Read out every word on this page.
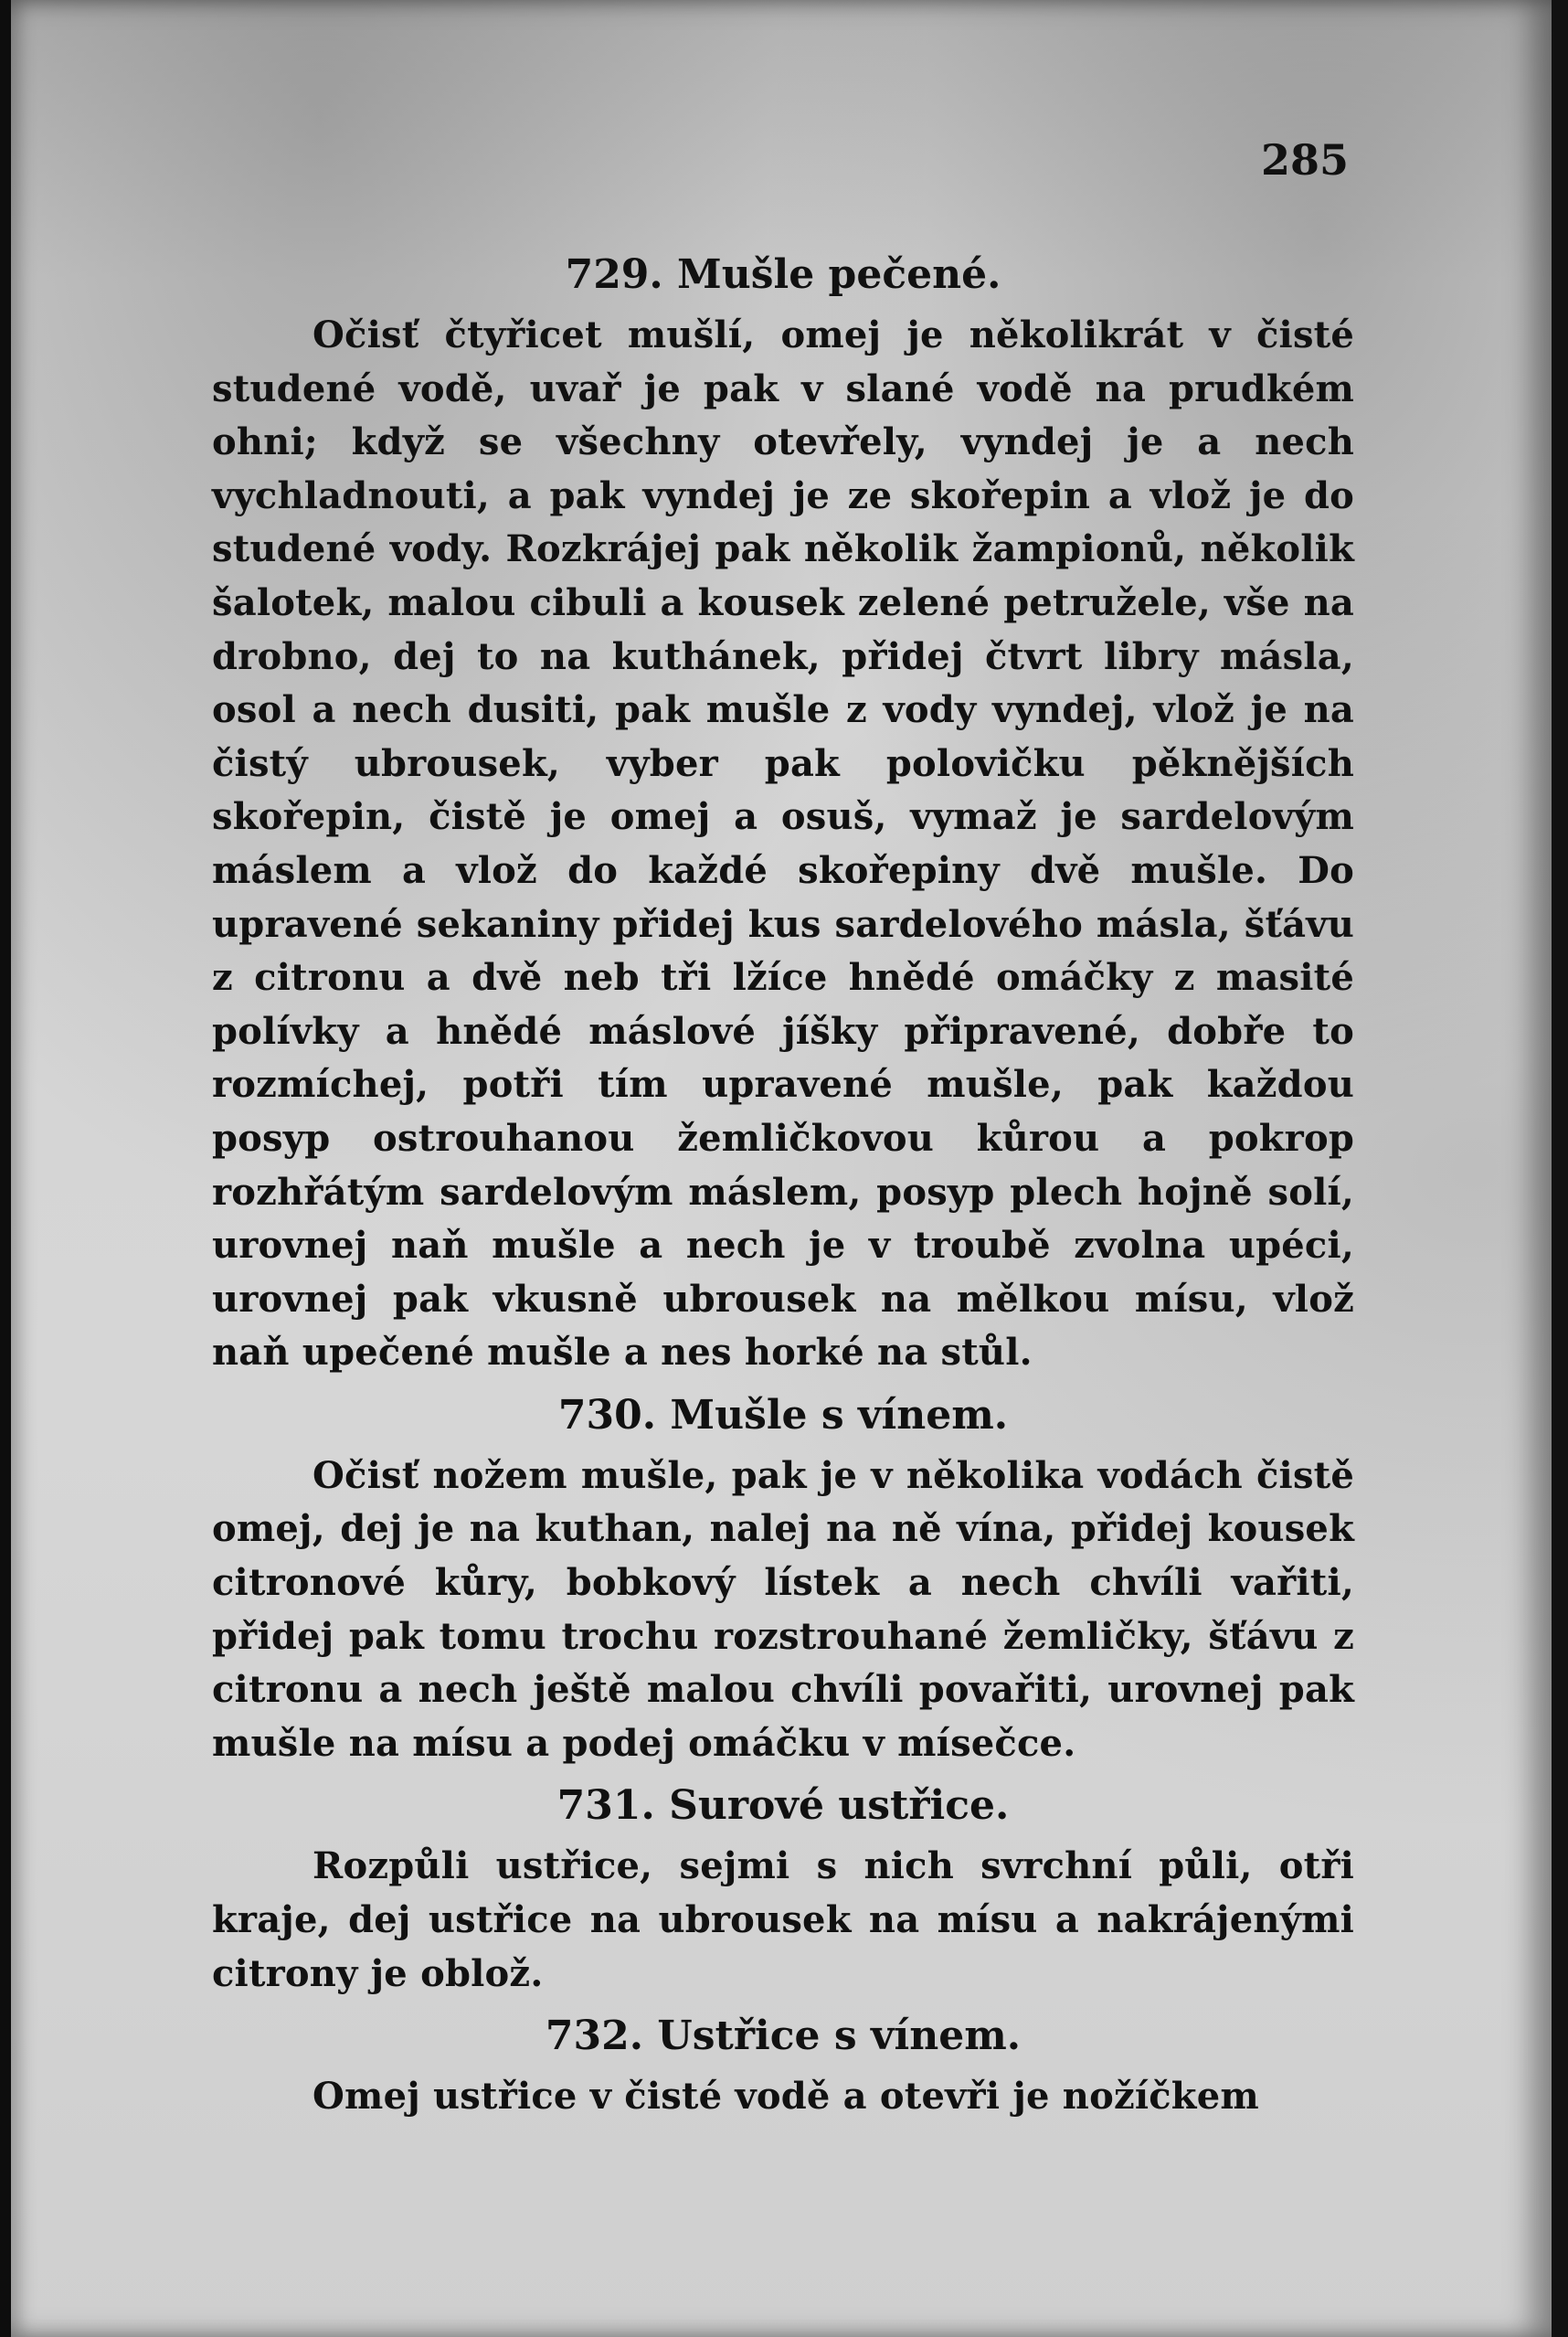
285
729. Mušle pečené.
Očisť čtyřicet mušlí, omej je několikrát v čisté studené vodě, uvař je pak v slané vodě na prudkém ohni; když se všechny otevřely, vyndej je a nech vychladnouti, a pak vyndej je ze skořepin a vlož je do studené vody. Rozkrájej pak několik žampionů, několik šalotek, malou cibuli a kousek zelené petružele, vše na drobno, dej to na kuthánek, přidej čtvrt libry másla, osol a nech dusiti, pak mušle z vody vyndej, vlož je na čistý ubrousek, vyber pak polovičku pěknějších skořepin, čistě je omej a osuš, vymaž je sardelovým máslem a vlož do každé skořepiny dvě mušle. Do upravené sekaniny přidej kus sardelového másla, šťávu z citronu a dvě neb tři lžíce hnědé omáčky z masité polívky a hnědé máslové jíšky připravené, dobře to rozmíchej, potři tím upravené mušle, pak každou posyp ostrouhanou žemličkovou kůrou a pokrop rozhřátým sardelovým máslem, posyp plech hojně solí, urovnej naň mušle a nech je v troubě zvolna upéci, urovnej pak vkusně ubrousek na mělkou mísu, vlož naň upečené mušle a nes horké na stůl.
730. Mušle s vínem.
Očisť nožem mušle, pak je v několika vodách čistě omej, dej je na kuthan, nalej na ně vína, přidej kousek citronové kůry, bobkový lístek a nech chvíli vařiti, přidej pak tomu trochu rozstrouhané žemličky, šťávu z citronu a nech ještě malou chvíli povařiti, urovnej pak mušle na mísu a podej omáčku v mísečce.
731. Surové ustřice.
Rozpůli ustřice, sejmi s nich svrchní půli, otři kraje, dej ustřice na ubrousek na mísu a nakrájenými citrony je oblož.
732. Ustřice s vínem.
Omej ustřice v čisté vodě a otevři je nožíčkem
